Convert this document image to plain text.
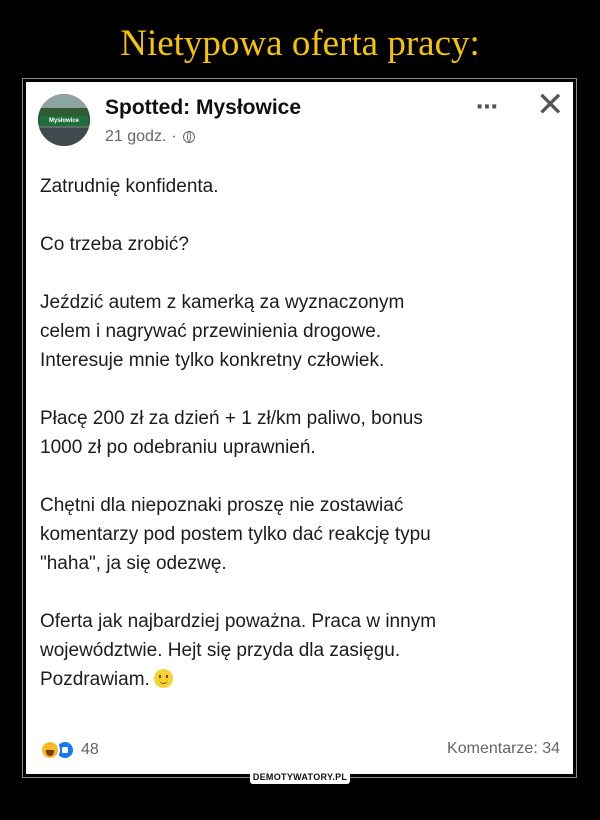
Nietypowa oferta pracy:
Mysłowice
Spotted: Mysłowice
21 godz. ·
⋯ ✕

Zatrudnię konfidenta.

Co trzeba zrobić?

Jeździć autem z kamerką za wyznaczonym
celem i nagrywać przewinienia drogowe.
Interesuje mnie tylko konkretny człowiek.

Płacę 200 zł za dzień + 1 zł/km paliwo, bonus
1000 zł po odebraniu uprawnień.

Chętni dla niepoznaki proszę nie zostawiać
komentarzy pod postem tylko dać reakcję typu
"haha", ja się odezwę.

Oferta jak najbardziej poważna. Praca w innym
województwie. Hejt się przyda dla zasięgu.
Pozdrawiam.

48	Komentarze: 34
DEMOTYWATORY.PL
